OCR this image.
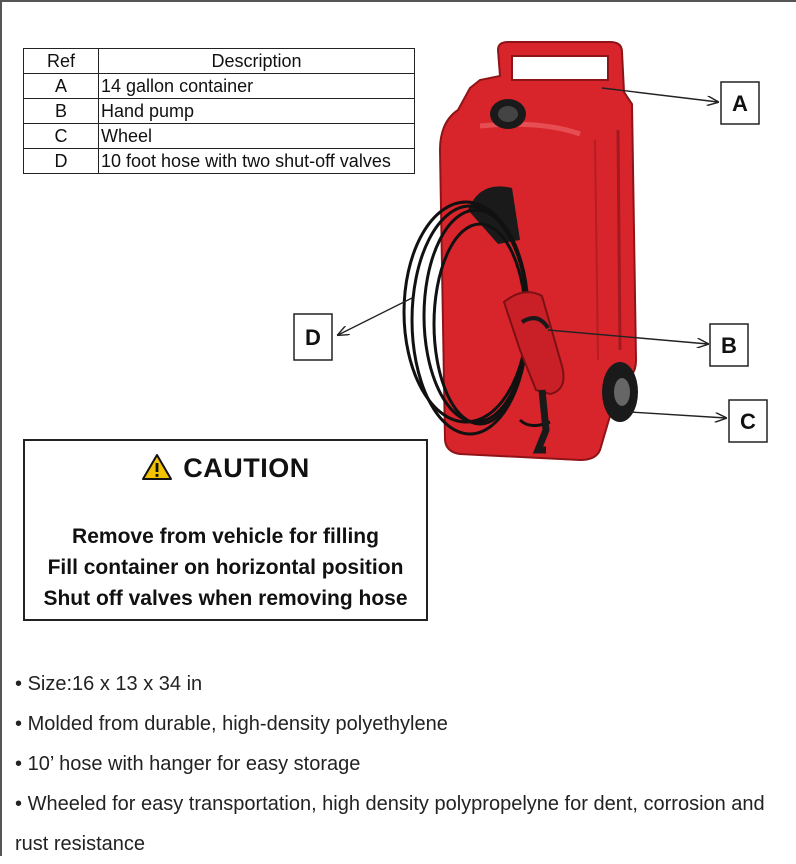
Ref	Description
A	14 gallon container
B	Hand pump
C	Wheel
D	10 foot hose with two shut-off valves
A
B
C
D
CAUTION
Remove from vehicle for filling
Fill container on horizontal position
Shut off valves when removing hose
• Size:16 x 13 x 34 in
• Molded from durable, high-density polyethylene
• 10’ hose with hanger for easy storage
• Wheeled for easy transportation, high density polypropelyne for dent, corrosion and rust resistance
